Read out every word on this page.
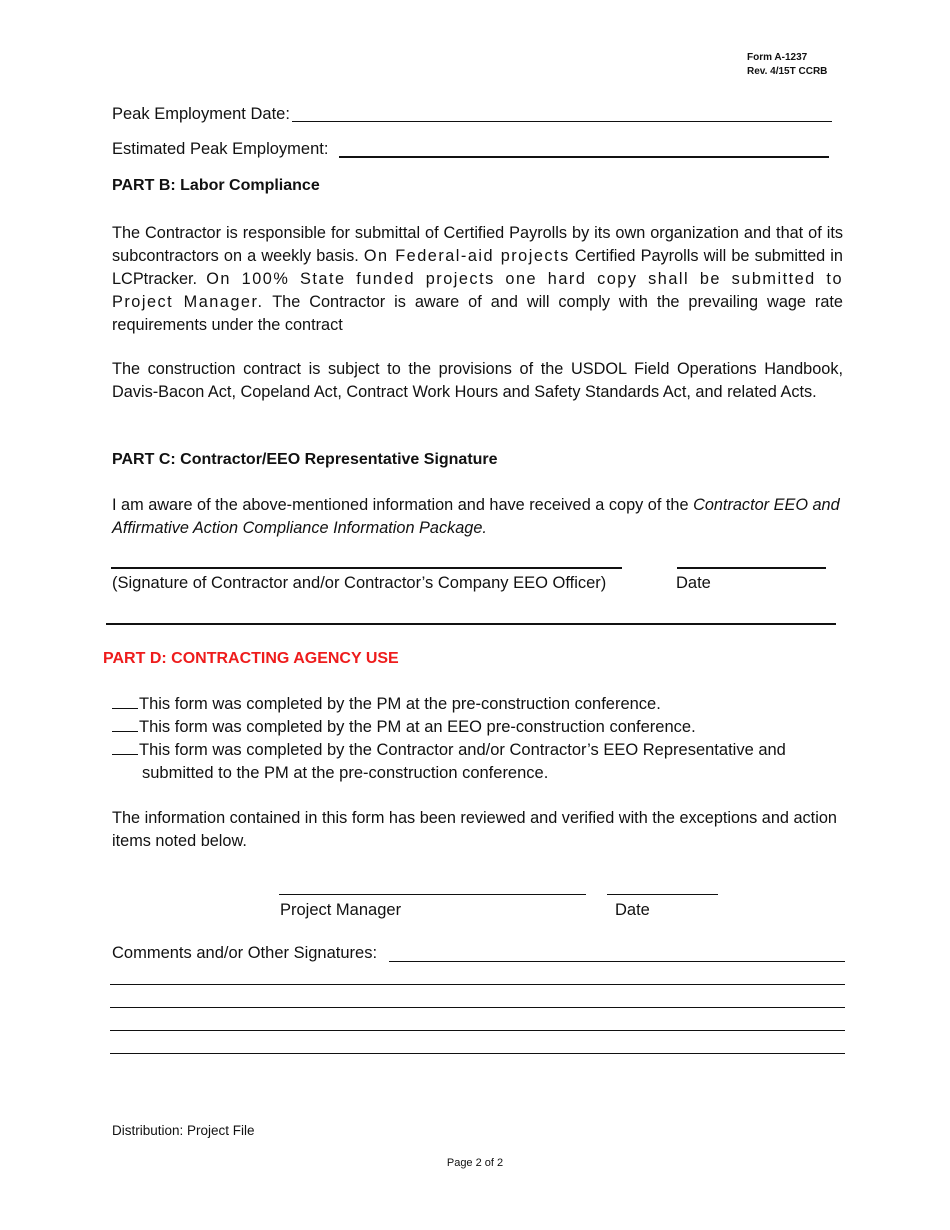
Form A-1237
Rev. 4/15T CCRB
Peak Employment Date:
Estimated Peak Employment:
PART B: Labor Compliance
The Contractor is responsible for submittal of Certified Payrolls by its own organization and that of its subcontractors on a weekly basis. On Federal-aid projects Certified Payrolls will be submitted in LCPtracker. On 100% State funded projects one hard copy shall be submitted to Project Manager. The Contractor is aware of and will comply with the prevailing wage rate requirements under the contract
The construction contract is subject to the provisions of the USDOL Field Operations Handbook, Davis-Bacon Act, Copeland Act, Contract Work Hours and Safety Standards Act, and related Acts.
PART C: Contractor/EEO Representative Signature
I am aware of the above-mentioned information and have received a copy of the Contractor EEO and Affirmative Action Compliance Information Package.
(Signature of Contractor and/or Contractor’s Company EEO Officer)	Date
PART D: CONTRACTING AGENCY USE
This form was completed by the PM at the pre-construction conference.
This form was completed by the PM at an EEO pre-construction conference.
This form was completed by the Contractor and/or Contractor’s EEO Representative and
submitted to the PM at the pre-construction conference.
The information contained in this form has been reviewed and verified with the exceptions and action items noted below.
Project Manager	Date
Comments and/or Other Signatures:
Distribution: Project File
Page 2 of 2
